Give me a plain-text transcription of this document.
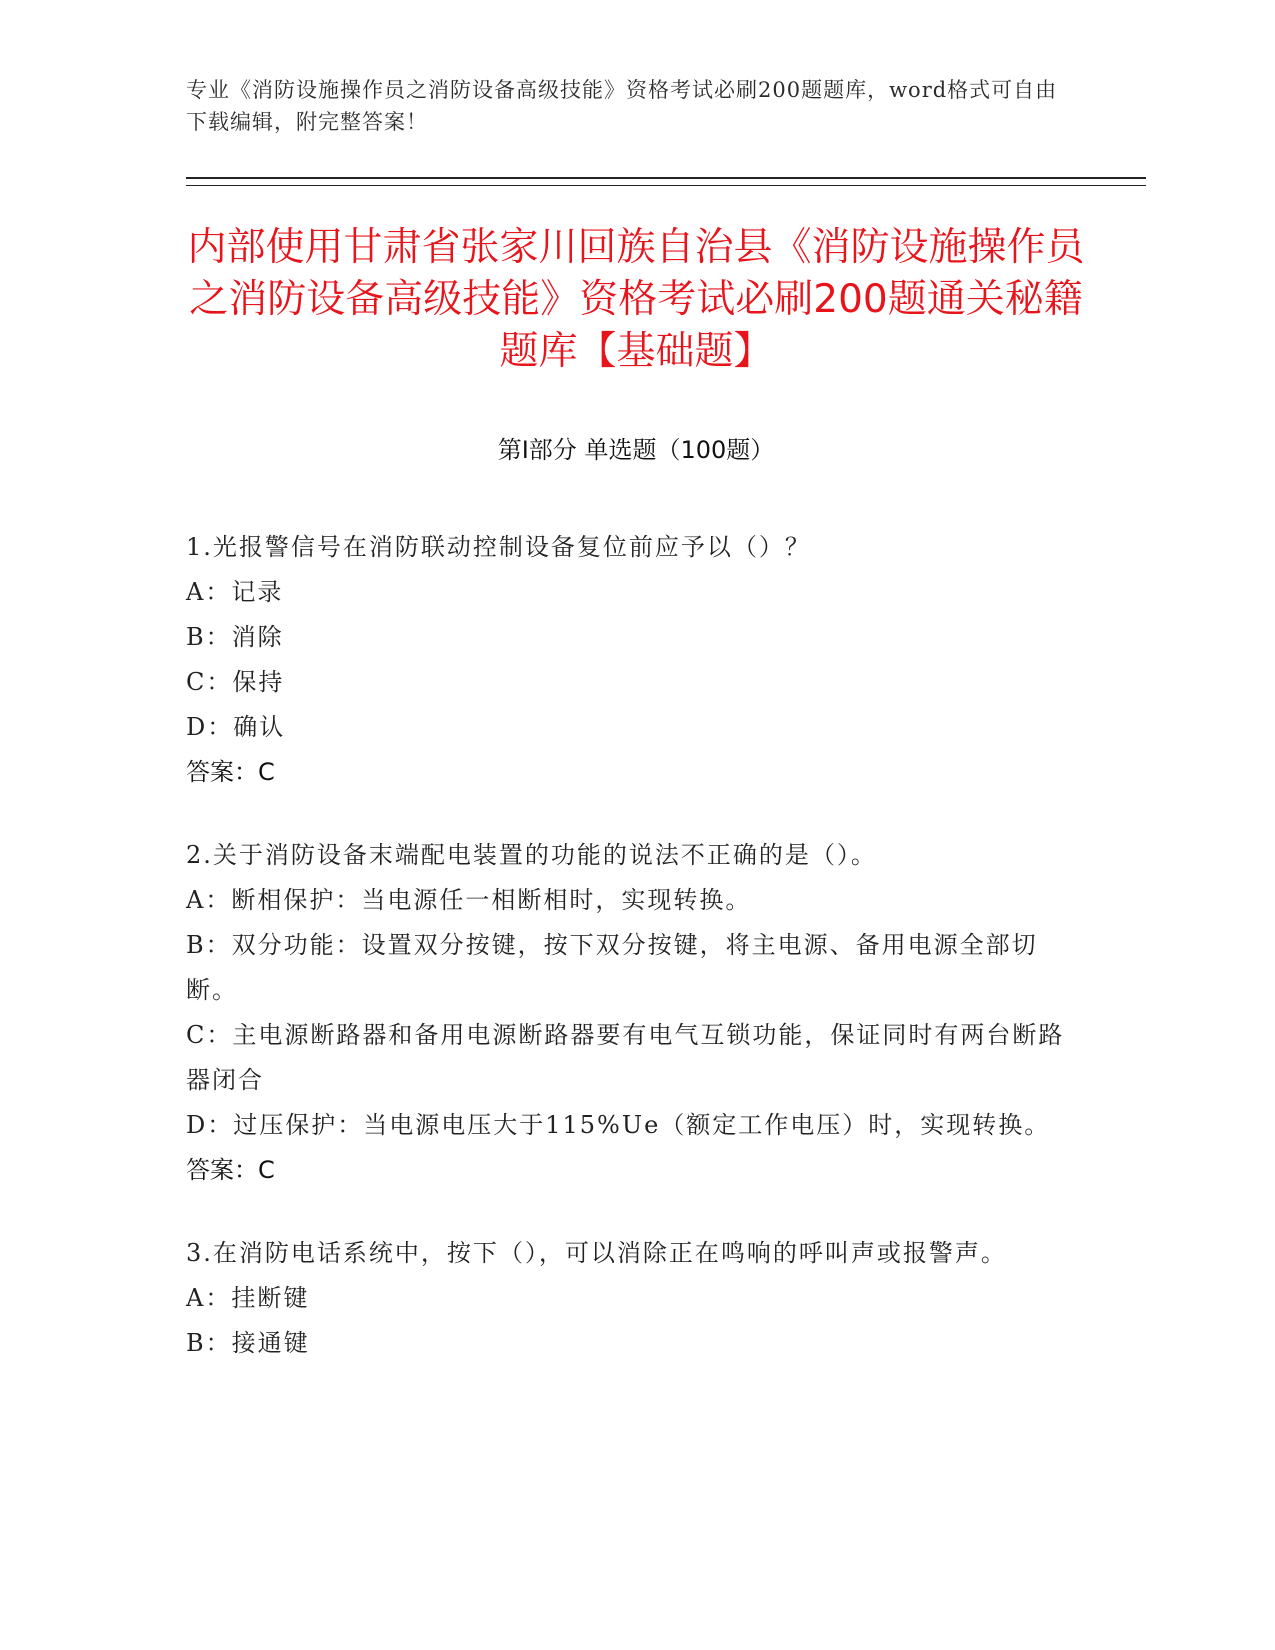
专业《消防设施操作员之消防设备高级技能》资格考试必刷200题题库，word格式可自由下载编辑，附完整答案！
内部使用甘肃省张家川回族自治县《消防设施操作员之消防设备高级技能》资格考试必刷200题通关秘籍题库【基础题】
第Ⅰ部分 单选题（100题）
1.光报警信号在消防联动控制设备复位前应予以（）？
A：记录
B：消除
C：保持
D：确认
答案：C
2.关于消防设备末端配电装置的功能的说法不正确的是（）。
A：断相保护：当电源任一相断相时，实现转换。
B：双分功能：设置双分按键，按下双分按键，将主电源、备用电源全部切断。
C：主电源断路器和备用电源断路器要有电气互锁功能，保证同时有两台断路器闭合
D：过压保护：当电源电压大于115%Ue（额定工作电压）时，实现转换。
答案：C
3.在消防电话系统中，按下（），可以消除正在鸣响的呼叫声或报警声。
A：挂断键
B：接通键
